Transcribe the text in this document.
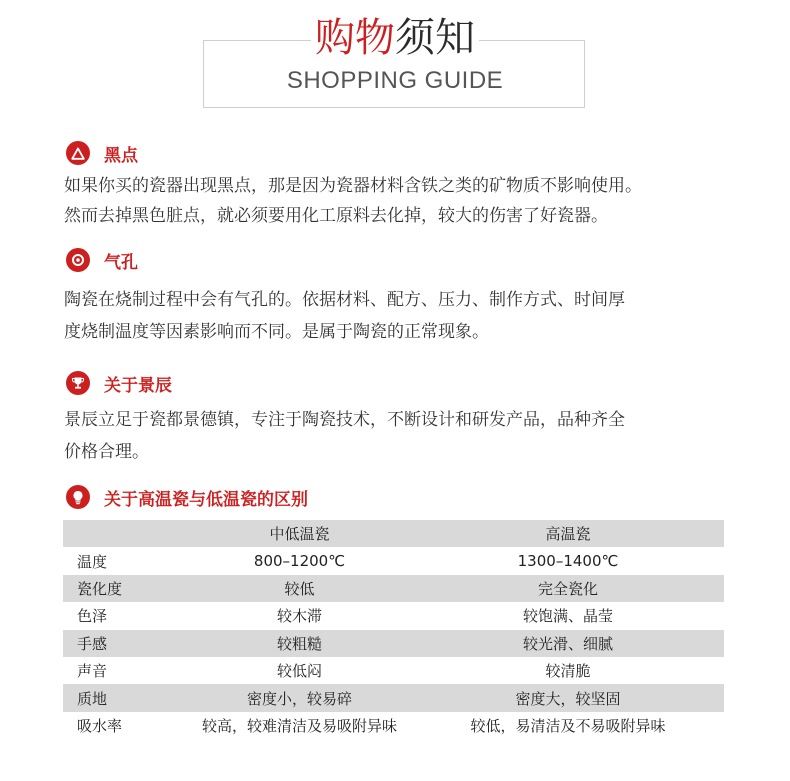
购物须知
SHOPPING GUIDE
黑点
如果你买的瓷器出现黑点，那是因为瓷器材料含铁之类的矿物质不影响使用。
然而去掉黑色脏点，就必须要用化工原料去化掉，较大的伤害了好瓷器。
气孔
陶瓷在烧制过程中会有气孔的。依据材料、配方、压力、制作方式、时间厚
度烧制温度等因素影响而不同。是属于陶瓷的正常现象。
关于景辰
景辰立足于瓷都景德镇，专注于陶瓷技术，不断设计和研发产品，品种齐全
价格合理。
关于高温瓷与低温瓷的区别
	中低温瓷	高温瓷
温度	800–1200℃	1300–1400℃
瓷化度	较低	完全瓷化
色泽	较木滞	较饱满、晶莹
手感	较粗糙	较光滑、细腻
声音	较低闷	较清脆
质地	密度小，较易碎	密度大，较坚固
吸水率	较高，较难清洁及易吸附异味	较低，易清洁及不易吸附异味
